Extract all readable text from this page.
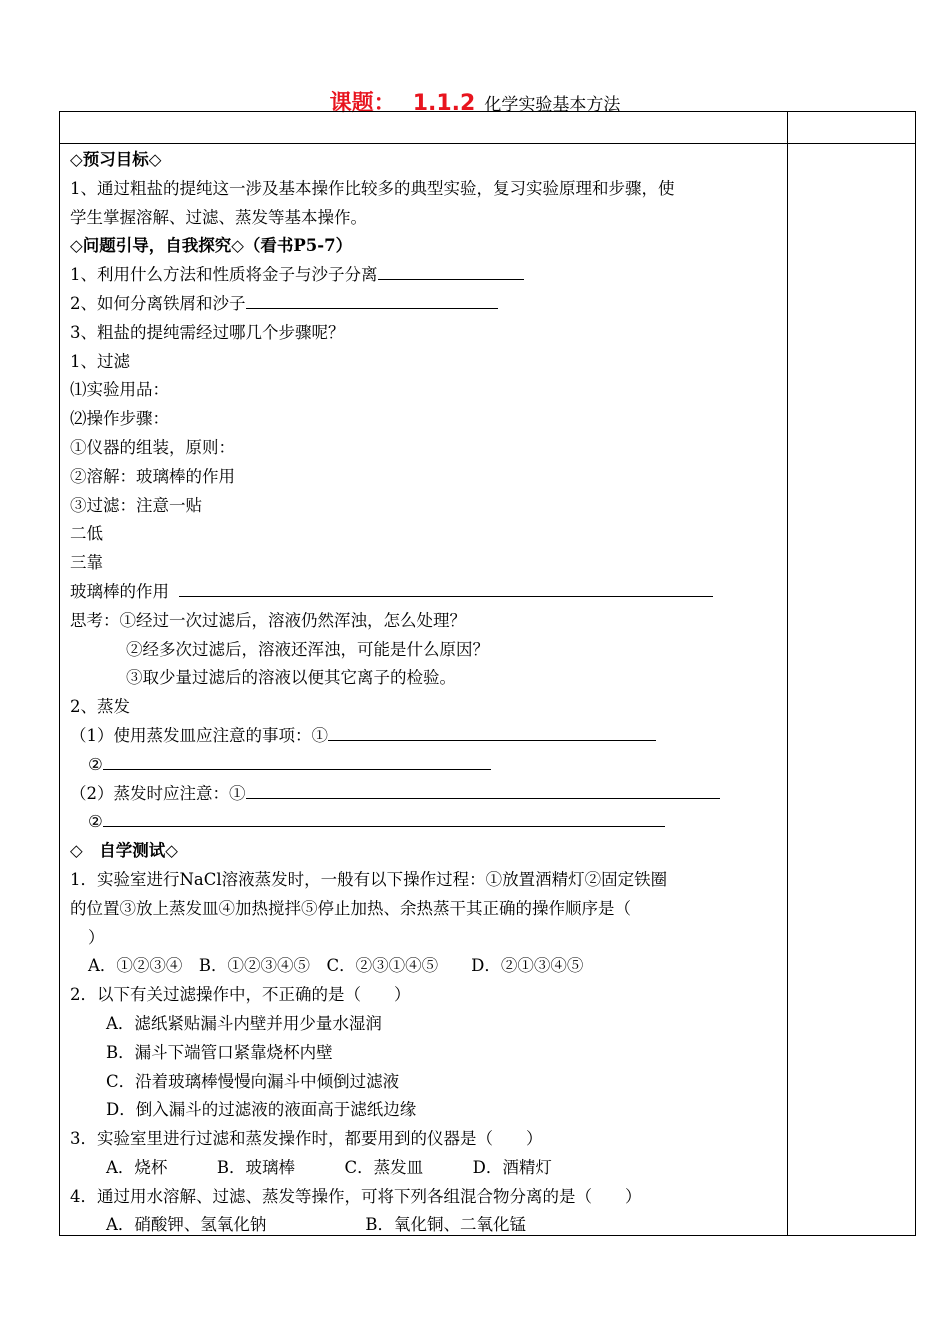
课题： 1.1.2 化学实验基本方法
◇预习目标◇
1、通过粗盐的提纯这一涉及基本操作比较多的典型实验，复习实验原理和步骤，使
学生掌握溶解、过滤、蒸发等基本操作。
◇问题引导，自我探究◇（看书P5-7）
1、利用什么方法和性质将金子与沙子分离
2、如何分离铁屑和沙子
3、粗盐的提纯需经过哪几个步骤呢？
1、过滤
⑴实验用品：
⑵操作步骤：
①仪器的组装，原则：
②溶解：玻璃棒的作用
③过滤：注意一贴
二低
三靠
玻璃棒的作用
思考：①经过一次过滤后，溶液仍然浑浊，怎么处理？
②经多次过滤后，溶液还浑浊，可能是什么原因？
③取少量过滤后的溶液以便其它离子的检验。
2、蒸发
（1）使用蒸发皿应注意的事项：①
②
（2）蒸发时应注意：①
②
◇　自学测试◇
1．实验室进行NaCl溶液蒸发时，一般有以下操作过程：①放置酒精灯②固定铁圈
的位置③放上蒸发皿④加热搅拌⑤停止加热、余热蒸干其正确的操作顺序是（
）
A．①②③④　B．①②③④⑤　C．②③①④⑤　　D．②①③④⑤
2．以下有关过滤操作中，不正确的是（　　）
A．滤纸紧贴漏斗内壁并用少量水湿润
B．漏斗下端管口紧靠烧杯内壁
C．沿着玻璃棒慢慢向漏斗中倾倒过滤液
D．倒入漏斗的过滤液的液面高于滤纸边缘
3．实验室里进行过滤和蒸发操作时，都要用到的仪器是（　　）
A．烧杯　　　B．玻璃棒　　　C．蒸发皿　　　D．酒精灯
4．通过用水溶解、过滤、蒸发等操作，可将下列各组混合物分离的是（　　）
A．硝酸钾、氢氧化钠　　　　　　B．氧化铜、二氧化锰
